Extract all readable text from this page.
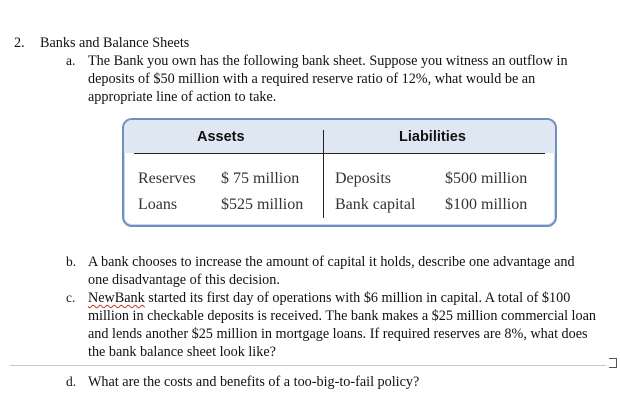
2. Banks and Balance Sheets
a. The Bank you own has the following bank sheet. Suppose you witness an outflow in
deposits of $50 million with a required reserve ratio of 12%, what would be an
appropriate line of action to take.
Assets	Liabilities
Reserves $ 75 million Deposits	$500 million
Loans	$525 million Bank capital $100 million
b. A bank chooses to increase the amount of capital it holds, describe one advantage and
one disadvantage of this decision.
c. NewBank started its first day of operations with $6 million in capital. A total of $100
million in checkable deposits is received. The bank makes a $25 million commercial loan
and lends another $25 million in mortgage loans. If required reserves are 8%, what does
the bank balance sheet look like?
d. What are the costs and benefits of a too-big-to-fail policy?
